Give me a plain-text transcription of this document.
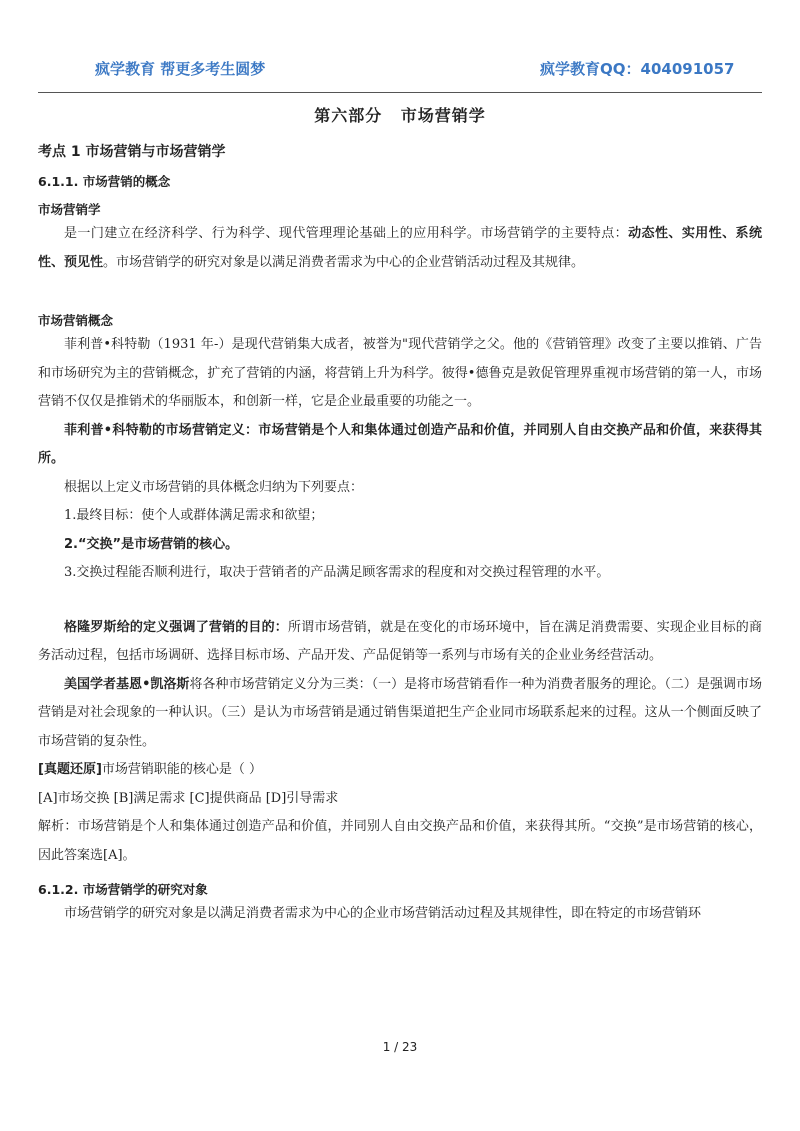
疯学教育 帮更多考生圆梦	疯学教育QQ：404091057
第六部分 市场营销学
考点 1 市场营销与市场营销学
6.1.1. 市场营销的概念
市场营销学

是一门建立在经济科学、行为科学、现代管理理论基础上的应用科学。市场营销学的主要特点：动态性、实用性、系统性、预见性。市场营销学的研究对象是以满足消费者需求为中心的企业营销活动过程及其规律。

市场营销概念

菲利普•科特勒（1931 年-）是现代营销集大成者，被誉为"现代营销学之父。他的《营销管理》改变了主要以推销、广告和市场研究为主的营销概念，扩充了营销的内涵，将营销上升为科学。彼得•德鲁克是敦促管理界重视市场营销的第一人，市场营销不仅仅是推销术的华丽版本，和创新一样，它是企业最重要的功能之一。

菲利普•科特勒的市场营销定义：市场营销是个人和集体通过创造产品和价值，并同别人自由交换产品和价值，来获得其所。

根据以上定义市场营销的具体概念归纳为下列要点：

1.最终目标：使个人或群体满足需求和欲望；

2.“交换”是市场营销的核心。

3.交换过程能否顺利进行，取决于营销者的产品满足顾客需求的程度和对交换过程管理的水平。

格隆罗斯给的定义强调了营销的目的：所谓市场营销，就是在变化的市场环境中，旨在满足消费需要、实现企业目标的商务活动过程，包括市场调研、选择目标市场、产品开发、产品促销等一系列与市场有关的企业业务经营活动。

美国学者基恩•凯洛斯将各种市场营销定义分为三类：（一）是将市场营销看作一种为消费者服务的理论。（二）是强调市场营销是对社会现象的一种认识。（三）是认为市场营销是通过销售渠道把生产企业同市场联系起来的过程。这从一个侧面反映了市场营销的复杂性。

[真题还原]市场营销职能的核心是（ ）

[A]市场交换 [B]满足需求 [C]提供商品 [D]引导需求

解析：市场营销是个人和集体通过创造产品和价值，并同别人自由交换产品和价值，来获得其所。“交换”是市场营销的核心，因此答案选[A]。

6.1.2. 市场营销学的研究对象

市场营销学的研究对象是以满足消费者需求为中心的企业市场营销活动过程及其规律性，即在特定的市场营销环

1 / 23
